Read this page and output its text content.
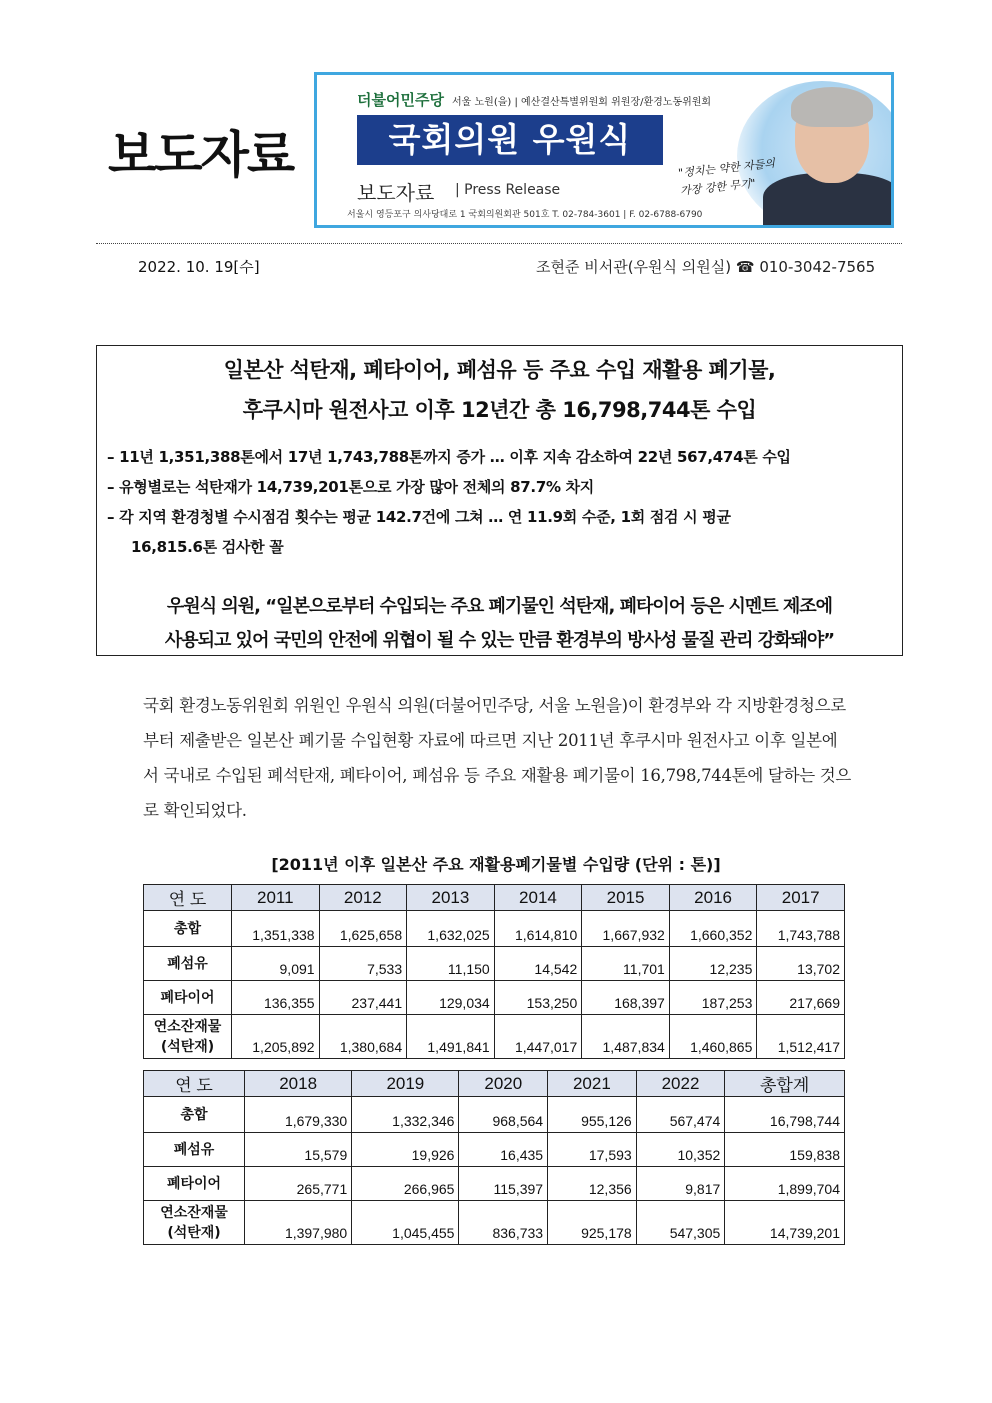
보도자료
더불어민주당 서울 노원(을) | 예산결산특별위원회 위원장/환경노동위원회
국회의원 우원식
보도자료 | Press Release
서울시 영등포구 의사당대로 1 국회의원회관 501호 T. 02-784-3601 | F. 02-6788-6790
"정치는 약한 자들의 가장 강한 무기"
2022. 10. 19[수]	조현준 비서관(우원식 의원실) ☎ 010-3042-7565
일본산 석탄재, 폐타이어, 폐섬유 등 주요 수입 재활용 폐기물,
후쿠시마 원전사고 이후 12년간 총 16,798,744톤 수입
– 11년 1,351,388톤에서 17년 1,743,788톤까지 증가 … 이후 지속 감소하여 22년 567,474톤 수입
– 유형별로는 석탄재가 14,739,201톤으로 가장 많아 전체의 87.7% 차지
– 각 지역 환경청별 수시점검 횟수는 평균 142.7건에 그쳐 … 연 11.9회 수준, 1회 점검 시 평균
16,815.6톤 검사한 꼴
우원식 의원, “일본으로부터 수입되는 주요 폐기물인 석탄재, 폐타이어 등은 시멘트 제조에
사용되고 있어 국민의 안전에 위협이 될 수 있는 만큼 환경부의 방사성 물질 관리 강화돼야”
국회 환경노동위원회 위원인 우원식 의원(더불어민주당, 서울 노원을)이 환경부와 각 지방환경청으로부터 제출받은 일본산 폐기물 수입현황 자료에 따르면 지난 2011년 후쿠시마 원전사고 이후 일본에서 국내로 수입된 폐석탄재, 폐타이어, 폐섬유 등 주요 재활용 폐기물이 16,798,744톤에 달하는 것으로 확인되었다.
[2011년 이후 일본산 주요 재활용폐기물별 수입량 (단위 : 톤)]
연 도	2011	2012	2013	2014	2015	2016	2017
총합	1,351,338	1,625,658	1,632,025	1,614,810	1,667,932	1,660,352	1,743,788
폐섬유	9,091	7,533	11,150	14,542	11,701	12,235	13,702
폐타이어	136,355	237,441	129,034	153,250	168,397	187,253	217,669
연소잔재물
(석탄재)	1,205,892	1,380,684	1,491,841	1,447,017	1,487,834	1,460,865	1,512,417
연 도	2018	2019	2020	2021	2022	총합계
총합	1,679,330	1,332,346	968,564	955,126	567,474	16,798,744
폐섬유	15,579	19,926	16,435	17,593	10,352	159,838
폐타이어	265,771	266,965	115,397	12,356	9,817	1,899,704
연소잔재물
(석탄재)	1,397,980	1,045,455	836,733	925,178	547,305	14,739,201
